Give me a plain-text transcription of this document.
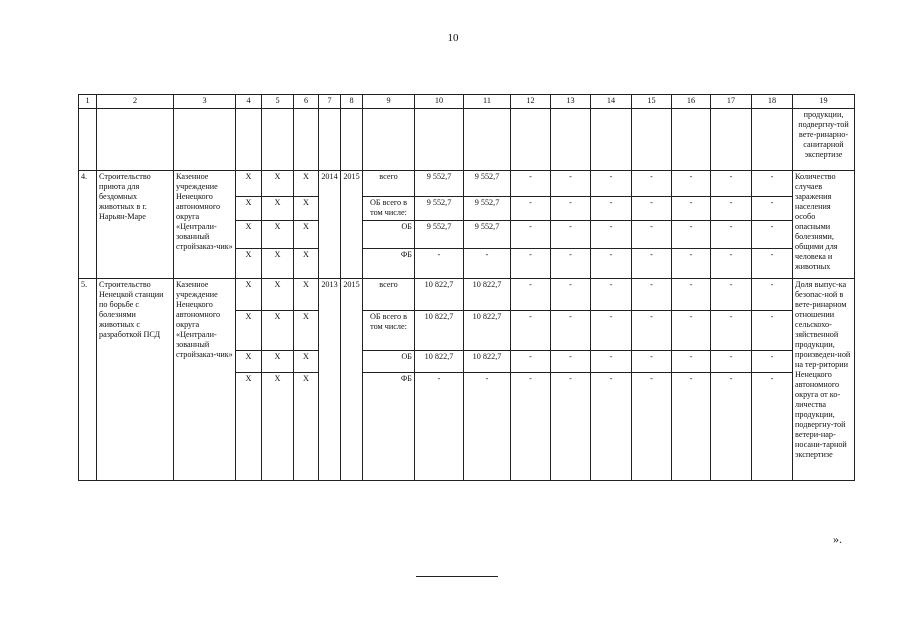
10
1	2	3	4	5	6	7	8	9	10	11	12	13	14	15	16	17	18	19
																		продукции, подвергну-той вете-ринарно-санитарной экспертизе
4.	Строительство приюта для бездомных животных в г. Нарьян-Маре	Казенное учреждение Ненецкого автономного округа «Централи-зованный стройзаказ-чик»	X	X	X	2014	2015	всего	9 552,7	9 552,7	-	-	-	-	-	-	-	Количество случаев заражения населения особо опасными болезнями, общими для человека и животных
			X	X	X			ОБ всего в том числе:	9 552,7	9 552,7	-	-	-	-	-	-	-	
			X	X	X			ОБ	9 552,7	9 552,7	-	-	-	-	-	-	-	
			X	X	X			ФБ	-	-	-	-	-	-	-	-	-	
5.	Строительство Ненецкой станции по борьбе с болезнями животных с разработкой ПСД	Казенное учреждение Ненецкого автономного округа «Централи-зованный стройзаказ-чик»	X	X	X	2013	2015	всего	10 822,7	10 822,7	-	-	-	-	-	-	-	Доля выпус-ка безопас-ной в вете-ринарном отношении сельскохо-зяйственной продукции, произведен-ной на тер-ритории Ненецкого автономного округа от ко-личества продукции, подвергну-той ветери-нар-носани-тарной экспертизе
			X	X	X			ОБ всего в том числе:	10 822,7	10 822,7	-	-	-	-	-	-	-	
			X	X	X			ОБ	10 822,7	10 822,7	-	-	-	-	-	-	-	
			X	X	X			ФБ	-	-	-	-	-	-	-	-	-	
».
